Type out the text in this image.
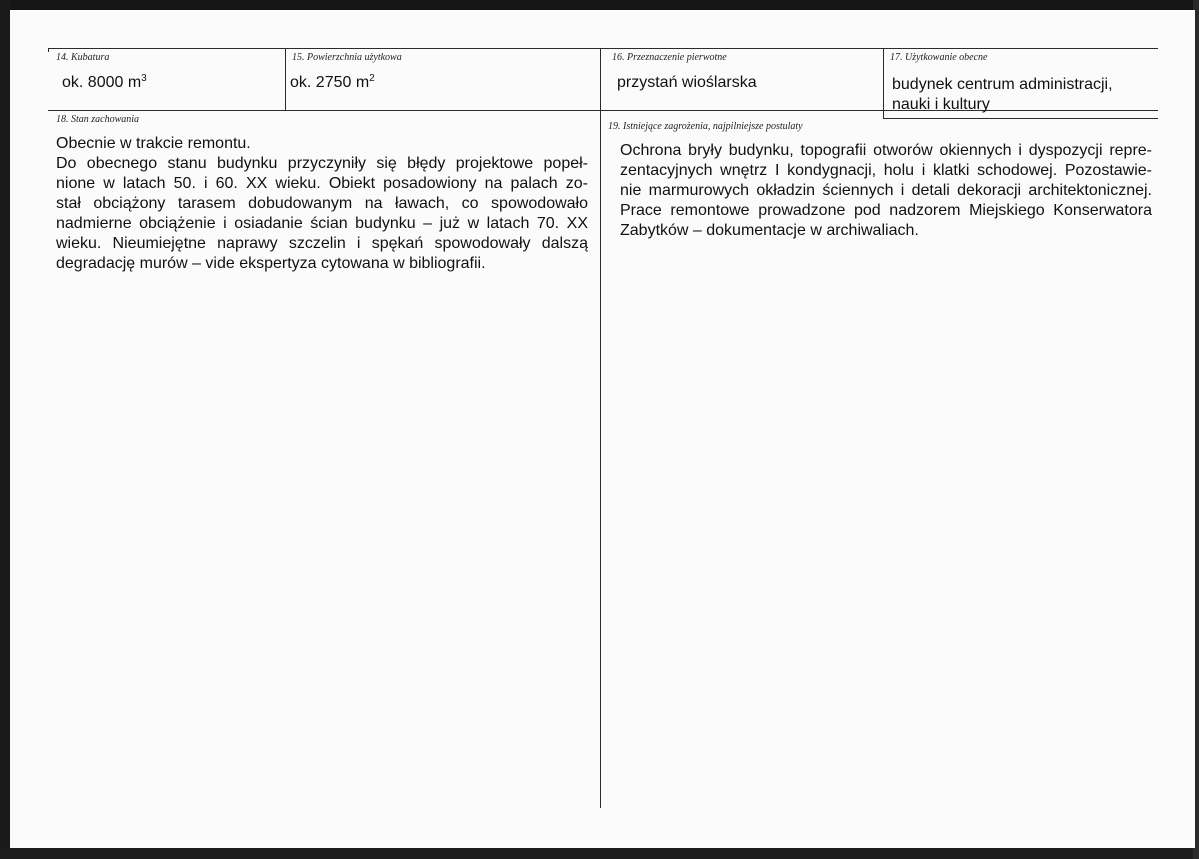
14. Kubatura
ok. 8000 $m^3$
15. Powierzchnia użytkowa
ok. 2750 $m^2$
16. Przeznaczenie pierwotne
przystań wioślarska
17. Użytkowanie obecne
budynek centrum administracji,
nauki i kultury
18. Stan zachowania
Obecnie w trakcie remontu.
Do obecnego stanu budynku przyczyniły się błędy projektowe popeł-
nione w latach 50. i 60. XX wieku. Obiekt posadowiony na palach zo-
stał obciążony tarasem dobudowanym na ławach, co spowodowało
nadmierne obciążenie i osiadanie ścian budynku – już w latach 70. XX
wieku. Nieumiejętne naprawy szczelin i spękań spowodowały dalszą
degradację murów – vide ekspertyza cytowana w bibliografii.
19. Istniejące zagrożenia, najpilniejsze postulaty
Ochrona bryły budynku, topografii otworów okiennych i dyspozycji repre-
zentacyjnych wnętrz I kondygnacji, holu i klatki schodowej. Pozostawie-
nie marmurowych okładzin ściennych i detali dekoracji architektonicznej.
Prace remontowe prowadzone pod nadzorem Miejskiego Konserwatora
Zabytków – dokumentacje w archiwaliach.
